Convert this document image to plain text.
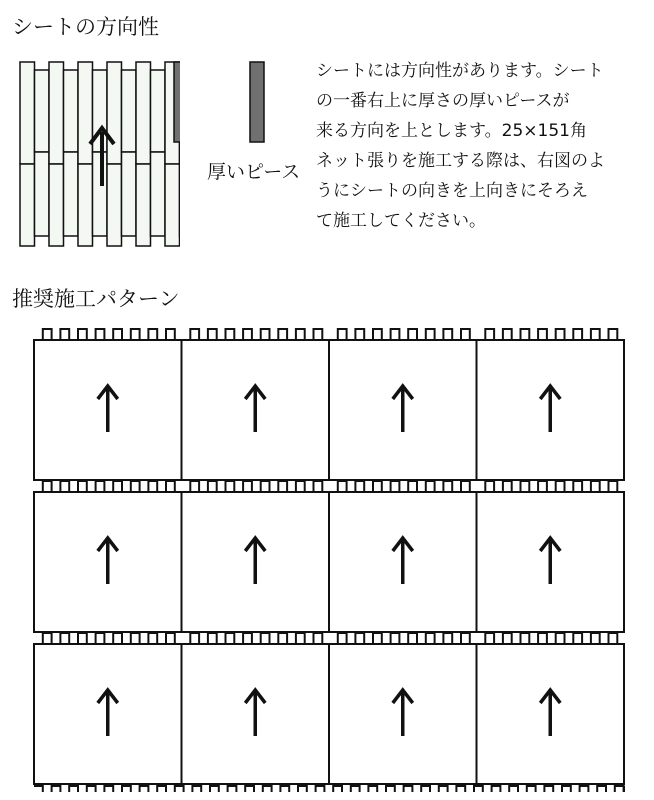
シートの方向性
厚いピース
シートには方向性があります。シート
の一番右上に厚さの厚いピースが
来る方向を上とします。25×151角
ネット張りを施工する際は、右図のよ
うにシートの向きを上向きにそろえ
て施工してください。
推奨施工パターン
